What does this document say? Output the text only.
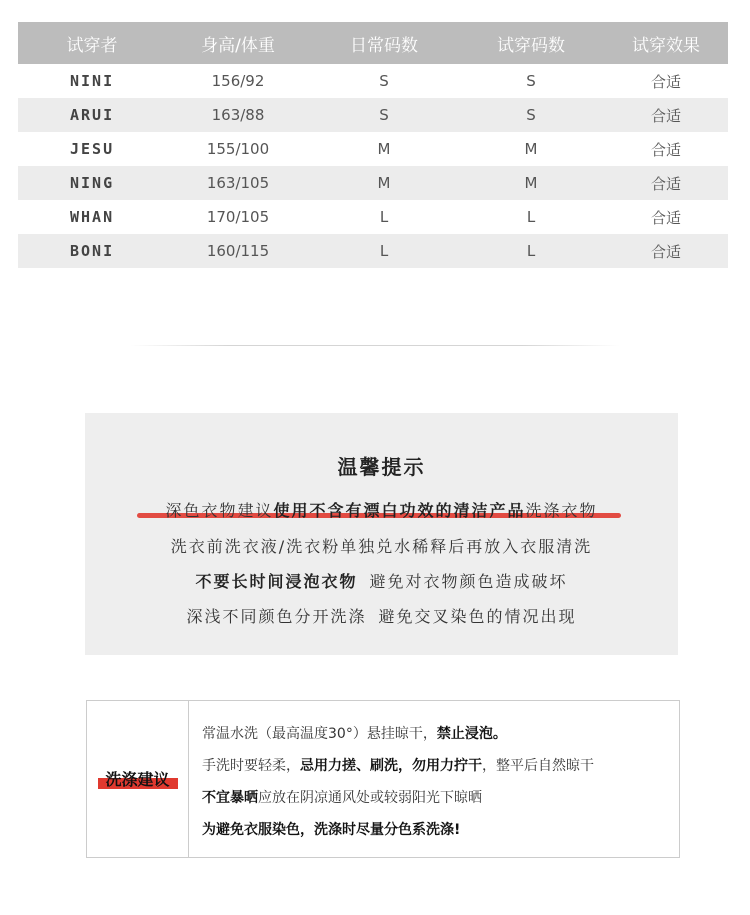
试穿者	身高/体重	日常码数	试穿码数	试穿效果
NINI	156/92	S	S	合适
ARUI	163/88	S	S	合适
JESU	155/100	M	M	合适
NING	163/105	M	M	合适
WHAN	170/105	L	L	合适
BONI	160/115	L	L	合适
温馨提示
深色衣物建议使用不含有漂白功效的清洁产品洗涤衣物
洗衣前洗衣液/洗衣粉单独兑水稀释后再放入衣服清洗
不要长时间浸泡衣物 避免对衣物颜色造成破坏
深浅不同颜色分开洗涤 避免交叉染色的情况出现
洗涤建议
常温水洗（最高温度30°）悬挂晾干，禁止浸泡。
手洗时要轻柔，忌用力搓、刷洗，勿用力拧干，整平后自然晾干
不宜暴晒应放在阴凉通风处或较弱阳光下晾晒
为避免衣服染色，洗涤时尽量分色系洗涤!
